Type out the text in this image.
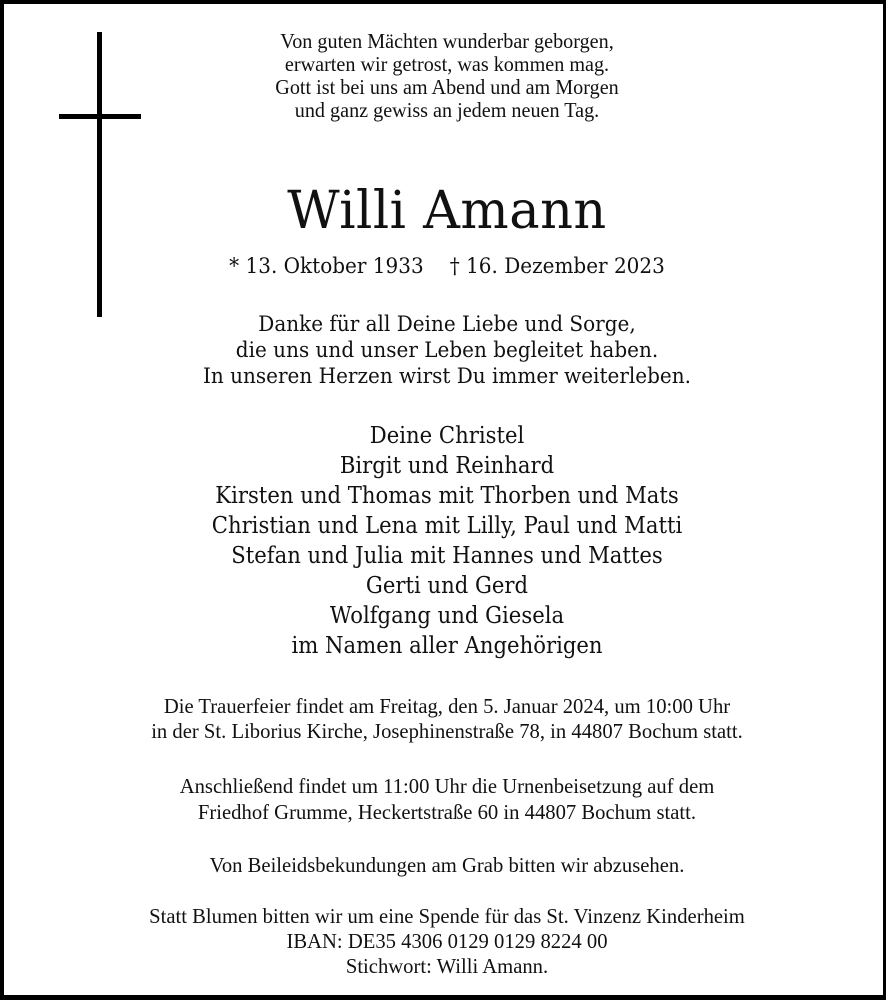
Von guten Mächten wunderbar geborgen,
erwarten wir getrost, was kommen mag.
Gott ist bei uns am Abend und am Morgen
und ganz gewiss an jedem neuen Tag.
Willi Amann
* 13. Oktober 1933 † 16. Dezember 2023
Danke für all Deine Liebe und Sorge,
die uns und unser Leben begleitet haben.
In unseren Herzen wirst Du immer weiterleben.
Deine Christel
Birgit und Reinhard
Kirsten und Thomas mit Thorben und Mats
Christian und Lena mit Lilly, Paul und Matti
Stefan und Julia mit Hannes und Mattes
Gerti und Gerd
Wolfgang und Giesela
im Namen aller Angehörigen
Die Trauerfeier findet am Freitag, den 5. Januar 2024, um 10:00 Uhr
in der St. Liborius Kirche, Josephinenstraße 78, in 44807 Bochum statt.
Anschließend findet um 11:00 Uhr die Urnenbeisetzung auf dem
Friedhof Grumme, Heckertstraße 60 in 44807 Bochum statt.
Von Beileidsbekundungen am Grab bitten wir abzusehen.
Statt Blumen bitten wir um eine Spende für das St. Vinzenz Kinderheim
IBAN: DE35 4306 0129 0129 8224 00
Stichwort: Willi Amann.
